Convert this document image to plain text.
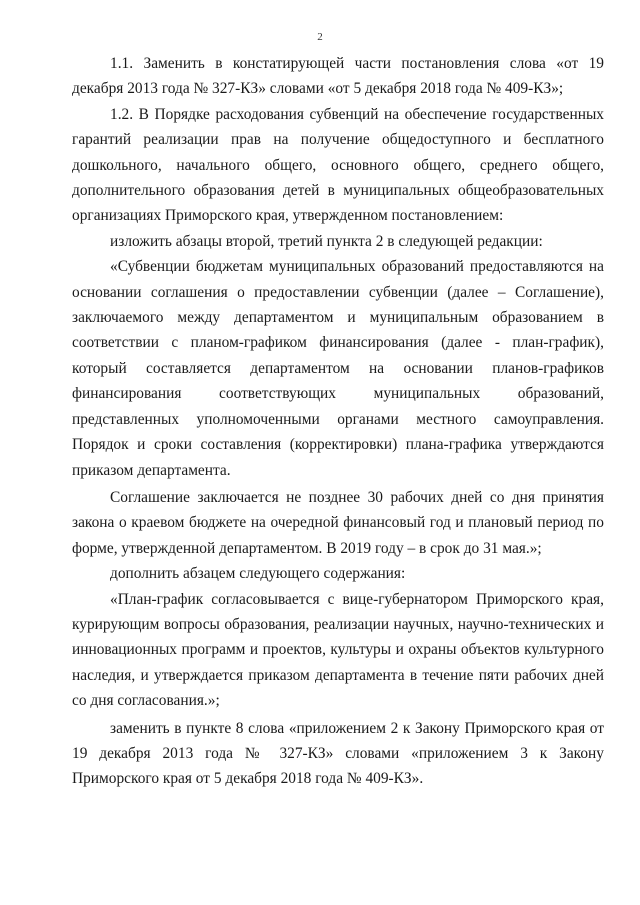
2

1.1. Заменить в констатирующей части постановления слова «от 19 декабря 2013 года № 327-КЗ» словами «от 5 декабря 2018 года № 409-КЗ»;

1.2. В Порядке расходования субвенций на обеспечение государственных гарантий реализации прав на получение общедоступного и бесплатного дошкольного, начального общего, основного общего, среднего общего, дополнительного образования детей в муниципальных общеобразовательных организациях Приморского края, утвержденном постановлением:

изложить абзацы второй, третий пункта 2 в следующей редакции:

«Субвенции бюджетам муниципальных образований предоставляются на основании соглашения о предоставлении субвенции (далее – Соглашение), заключаемого между департаментом и муниципальным образованием в соответствии с планом-графиком финансирования (далее - план-график), который составляется департаментом на основании планов-графиков финансирования соответствующих муниципальных образований, представленных уполномоченными органами местного самоуправления. Порядок и сроки составления (корректировки) плана-графика утверждаются приказом департамента.

Соглашение заключается не позднее 30 рабочих дней со дня принятия закона о краевом бюджете на очередной финансовый год и плановый период по форме, утвержденной департаментом. В 2019 году – в срок до 31 мая.»;

дополнить абзацем следующего содержания:

«План-график согласовывается с вице-губернатором Приморского края, курирующим вопросы образования, реализации научных, научно-технических и инновационных программ и проектов, культуры и охраны объектов культурного наследия, и утверждается приказом департамента в течение пяти рабочих дней со дня согласования.»;

заменить в пункте 8 слова «приложением 2 к Закону Приморского края от 19 декабря 2013 года № 327-КЗ» словами «приложением 3 к Закону Приморского края от 5 декабря 2018 года № 409-КЗ».
